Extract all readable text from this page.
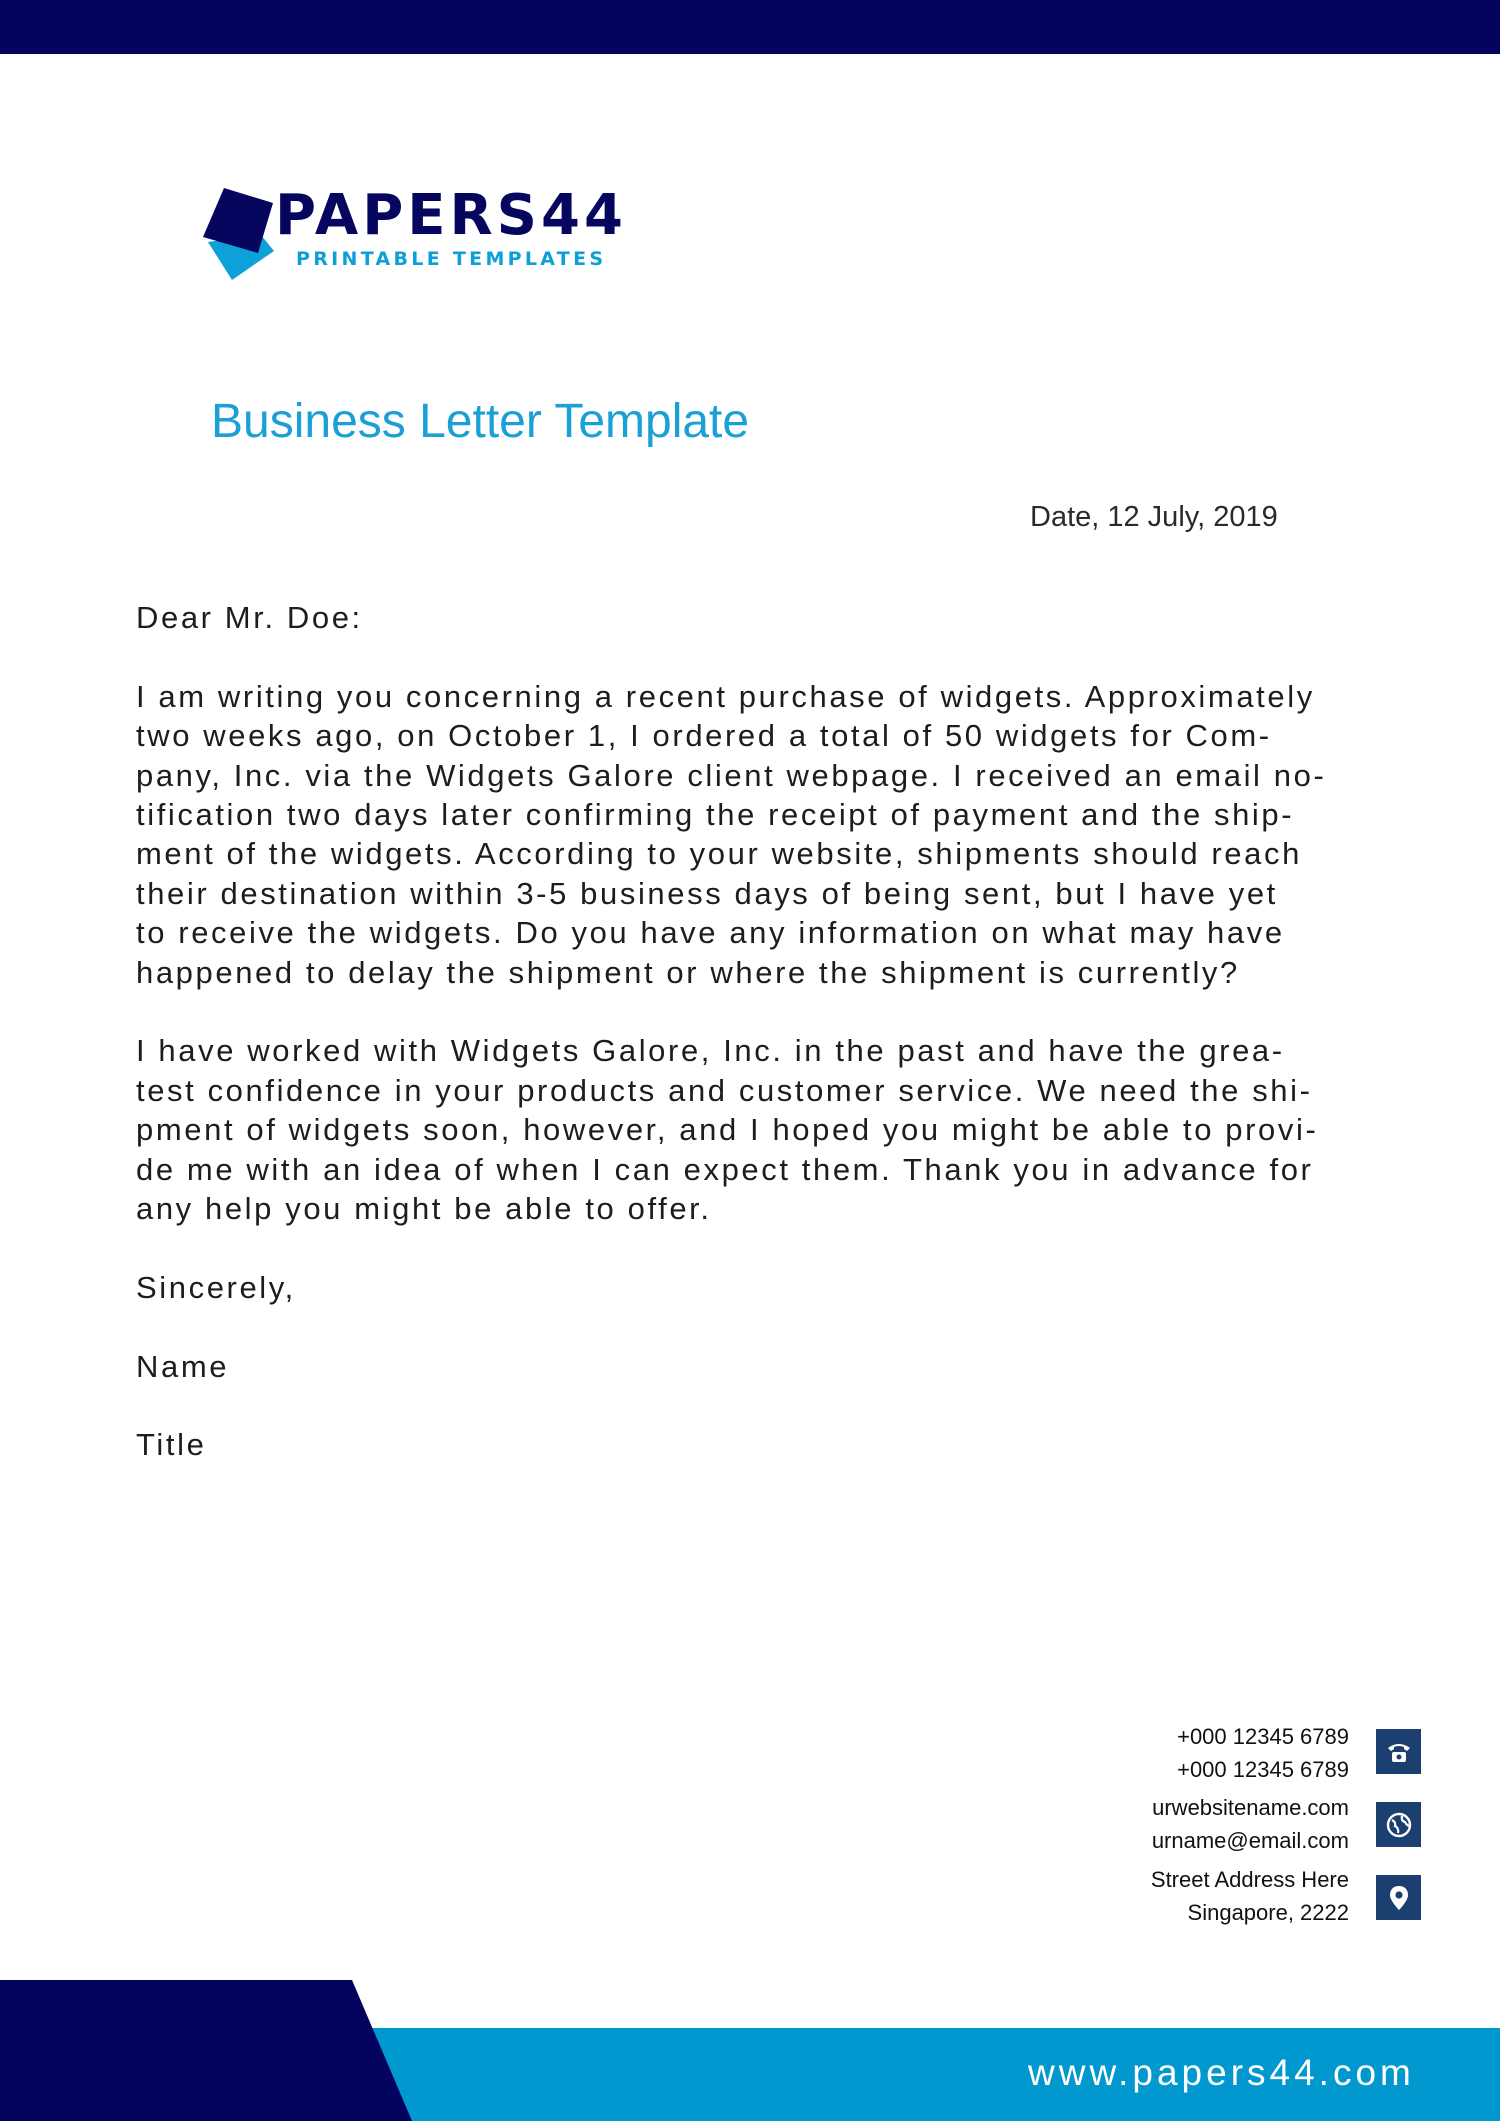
PAPERS44
PRINTABLE TEMPLATES
Business Letter Template
Date, 12 July, 2019

Dear Mr. Doe:

I am writing you concerning a recent purchase of widgets. Approximately
two weeks ago, on October 1, I ordered a total of 50 widgets for Com-
pany, Inc. via the Widgets Galore client webpage. I received an email no-
tification two days later confirming the receipt of payment and the ship-
ment of the widgets. According to your website, shipments should reach
their destination within 3-5 business days of being sent, but I have yet
to receive the widgets. Do you have any information on what may have
happened to delay the shipment or where the shipment is currently?

I have worked with Widgets Galore, Inc. in the past and have the grea-
test confidence in your products and customer service. We need the shi-
pment of widgets soon, however, and I hoped you might be able to provi-
de me with an idea of when I can expect them. Thank you in advance for
any help you might be able to offer.

Sincerely,

Name

Title

+000 12345 6789
+000 12345 6789
urwebsitename.com
urname@email.com
Street Address Here
Singapore, 2222
www.papers44.com
